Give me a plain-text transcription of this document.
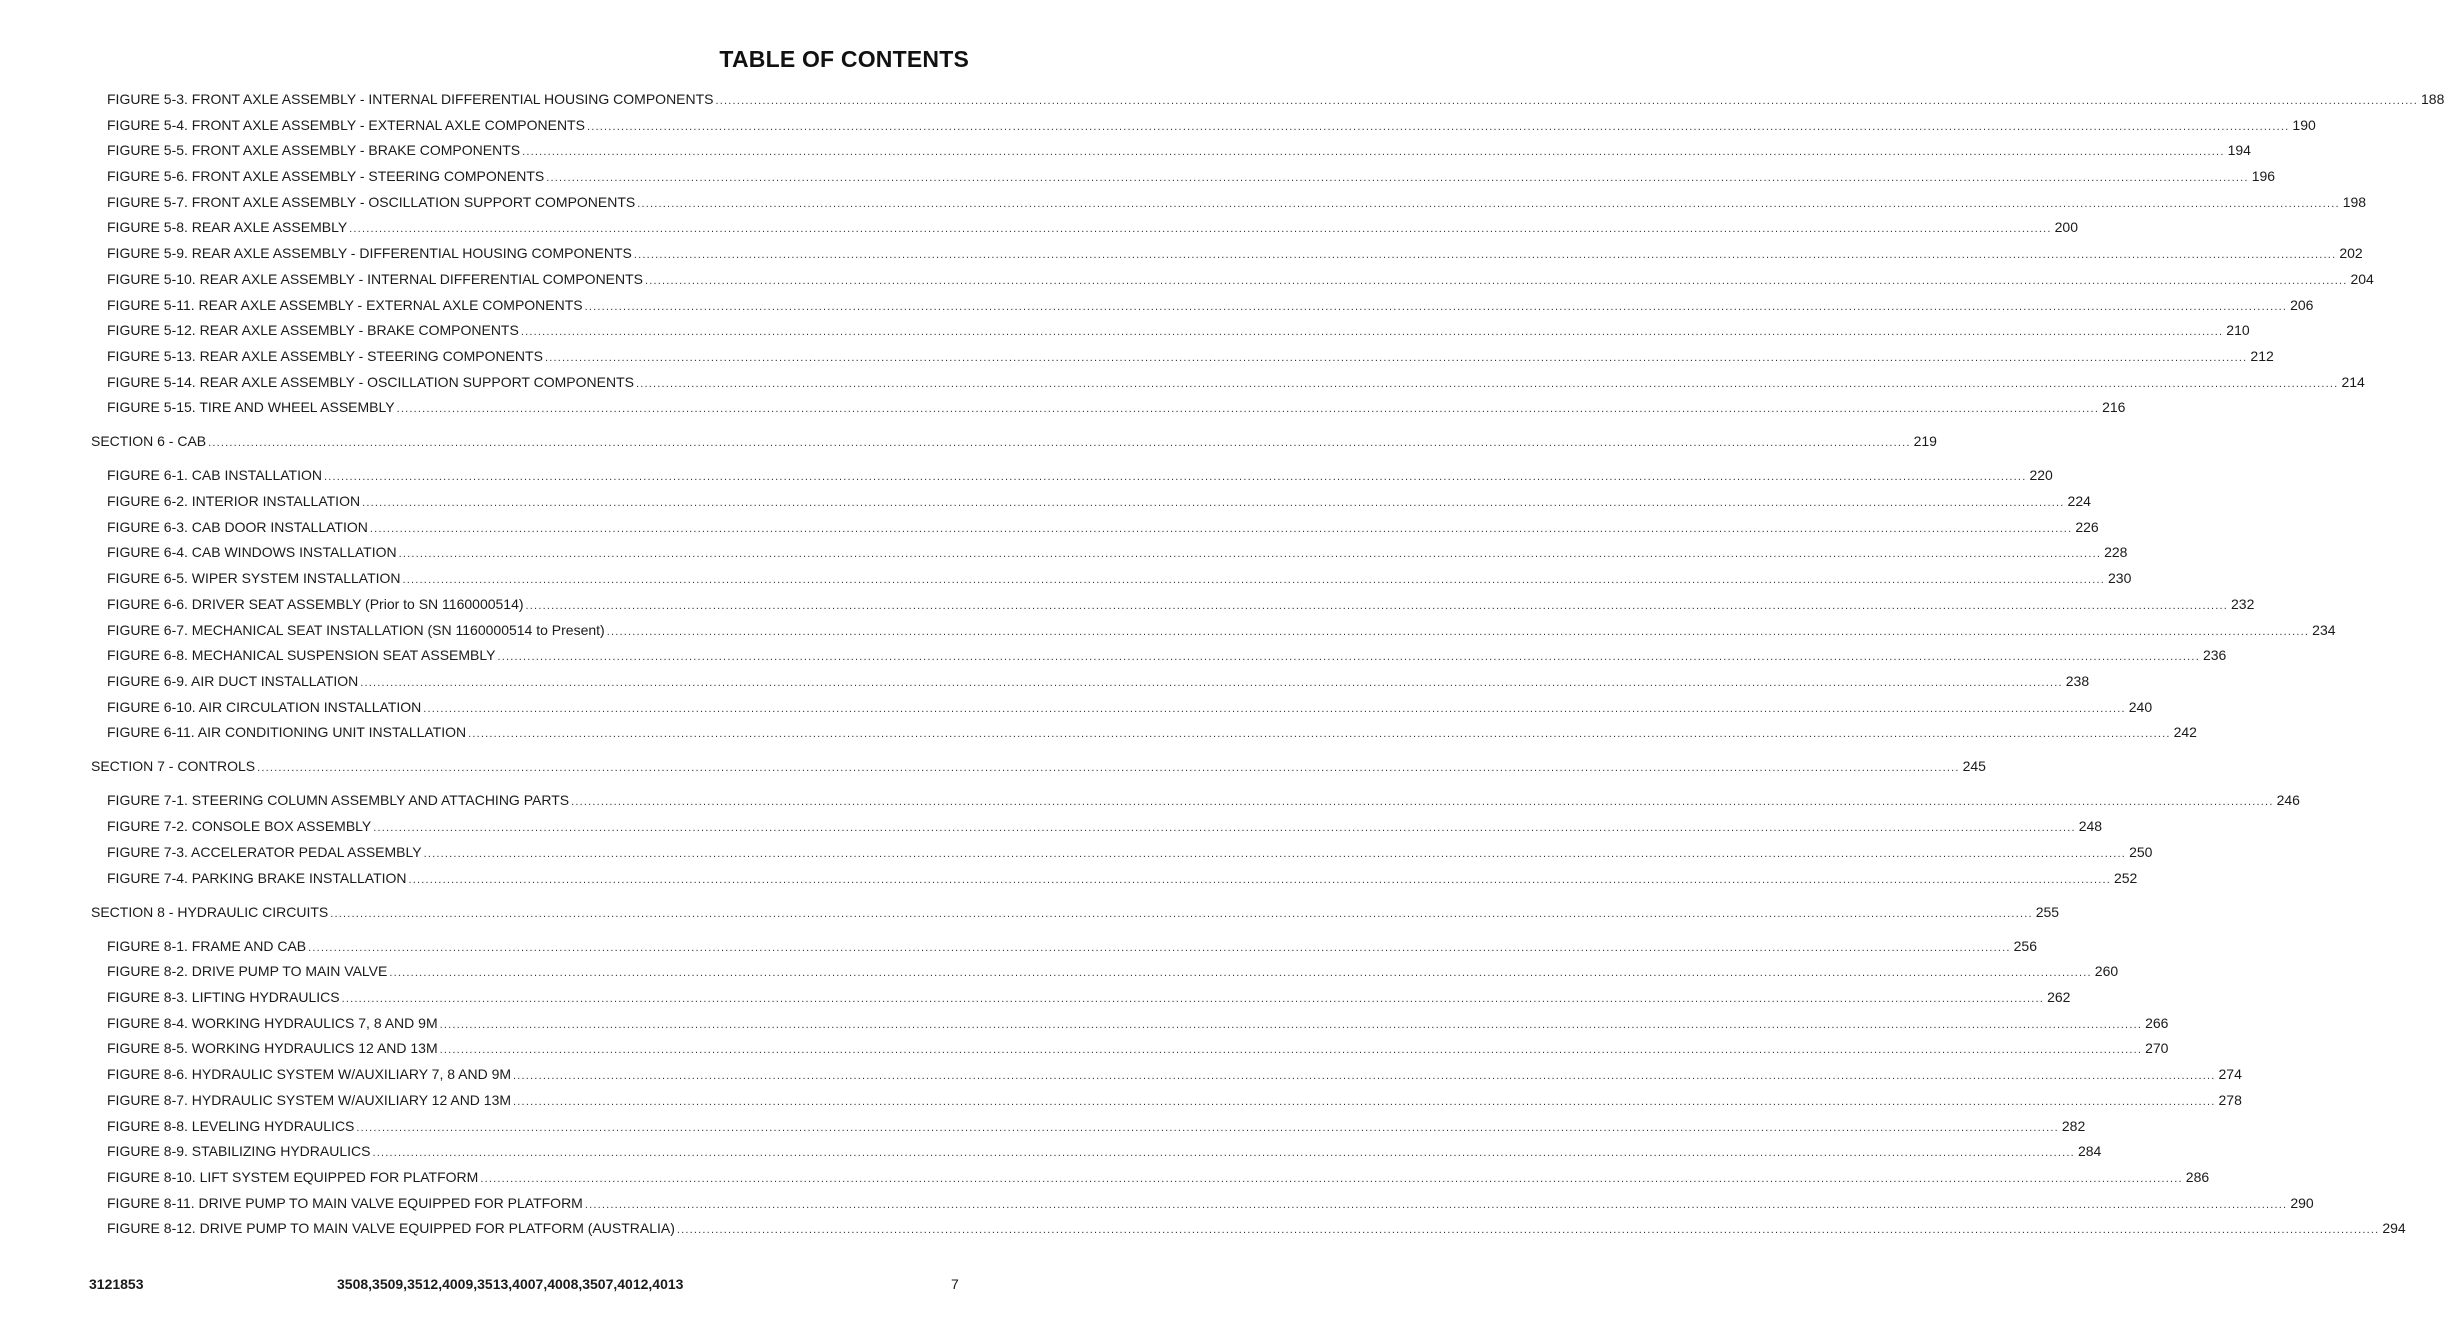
TABLE OF CONTENTS
FIGURE 5-3. FRONT AXLE ASSEMBLY - INTERNAL DIFFERENTIAL HOUSING COMPONENTS ................................................................................................................................................................................................................................................................................................................................................................................................................ 188
FIGURE 5-4. FRONT AXLE ASSEMBLY - EXTERNAL AXLE COMPONENTS ................................................................................................................................................................................................................................................................................................................................................................................................................ 190
FIGURE 5-5. FRONT AXLE ASSEMBLY - BRAKE COMPONENTS ................................................................................................................................................................................................................................................................................................................................................................................................................ 194
FIGURE 5-6. FRONT AXLE ASSEMBLY - STEERING COMPONENTS ................................................................................................................................................................................................................................................................................................................................................................................................................ 196
FIGURE 5-7. FRONT AXLE ASSEMBLY - OSCILLATION SUPPORT COMPONENTS ................................................................................................................................................................................................................................................................................................................................................................................................................ 198
FIGURE 5-8. REAR AXLE ASSEMBLY ................................................................................................................................................................................................................................................................................................................................................................................................................ 200
FIGURE 5-9. REAR AXLE ASSEMBLY - DIFFERENTIAL HOUSING COMPONENTS ................................................................................................................................................................................................................................................................................................................................................................................................................ 202
FIGURE 5-10. REAR AXLE ASSEMBLY - INTERNAL DIFFERENTIAL COMPONENTS ................................................................................................................................................................................................................................................................................................................................................................................................................ 204
FIGURE 5-11. REAR AXLE ASSEMBLY - EXTERNAL AXLE COMPONENTS ................................................................................................................................................................................................................................................................................................................................................................................................................ 206
FIGURE 5-12. REAR AXLE ASSEMBLY - BRAKE COMPONENTS ................................................................................................................................................................................................................................................................................................................................................................................................................ 210
FIGURE 5-13. REAR AXLE ASSEMBLY - STEERING COMPONENTS ................................................................................................................................................................................................................................................................................................................................................................................................................ 212
FIGURE 5-14. REAR AXLE ASSEMBLY - OSCILLATION SUPPORT COMPONENTS ................................................................................................................................................................................................................................................................................................................................................................................................................ 214
FIGURE 5-15. TIRE AND WHEEL ASSEMBLY ................................................................................................................................................................................................................................................................................................................................................................................................................ 216
SECTION 6 - CAB ................................................................................................................................................................................................................................................................................................................................................................................................................ 219
FIGURE 6-1. CAB INSTALLATION ................................................................................................................................................................................................................................................................................................................................................................................................................ 220
FIGURE 6-2. INTERIOR INSTALLATION ................................................................................................................................................................................................................................................................................................................................................................................................................ 224
FIGURE 6-3. CAB DOOR INSTALLATION ................................................................................................................................................................................................................................................................................................................................................................................................................ 226
FIGURE 6-4. CAB WINDOWS INSTALLATION ................................................................................................................................................................................................................................................................................................................................................................................................................ 228
FIGURE 6-5. WIPER SYSTEM INSTALLATION ................................................................................................................................................................................................................................................................................................................................................................................................................ 230
FIGURE 6-6. DRIVER SEAT ASSEMBLY (Prior to SN 1160000514) ................................................................................................................................................................................................................................................................................................................................................................................................................ 232
FIGURE 6-7. MECHANICAL SEAT INSTALLATION (SN 1160000514 to Present) ................................................................................................................................................................................................................................................................................................................................................................................................................ 234
FIGURE 6-8. MECHANICAL SUSPENSION SEAT ASSEMBLY ................................................................................................................................................................................................................................................................................................................................................................................................................ 236
FIGURE 6-9. AIR DUCT INSTALLATION ................................................................................................................................................................................................................................................................................................................................................................................................................ 238
FIGURE 6-10. AIR CIRCULATION INSTALLATION ................................................................................................................................................................................................................................................................................................................................................................................................................ 240
FIGURE 6-11. AIR CONDITIONING UNIT INSTALLATION ................................................................................................................................................................................................................................................................................................................................................................................................................ 242
SECTION 7 - CONTROLS ................................................................................................................................................................................................................................................................................................................................................................................................................ 245
FIGURE 7-1. STEERING COLUMN ASSEMBLY AND ATTACHING PARTS ................................................................................................................................................................................................................................................................................................................................................................................................................ 246
FIGURE 7-2. CONSOLE BOX ASSEMBLY ................................................................................................................................................................................................................................................................................................................................................................................................................ 248
FIGURE 7-3. ACCELERATOR PEDAL ASSEMBLY ................................................................................................................................................................................................................................................................................................................................................................................................................ 250
FIGURE 7-4. PARKING BRAKE INSTALLATION ................................................................................................................................................................................................................................................................................................................................................................................................................ 252
SECTION 8 - HYDRAULIC CIRCUITS ................................................................................................................................................................................................................................................................................................................................................................................................................ 255
FIGURE 8-1. FRAME AND CAB ................................................................................................................................................................................................................................................................................................................................................................................................................ 256
FIGURE 8-2. DRIVE PUMP TO MAIN VALVE ................................................................................................................................................................................................................................................................................................................................................................................................................ 260
FIGURE 8-3. LIFTING HYDRAULICS ................................................................................................................................................................................................................................................................................................................................................................................................................ 262
FIGURE 8-4. WORKING HYDRAULICS 7, 8 AND 9M ................................................................................................................................................................................................................................................................................................................................................................................................................ 266
FIGURE 8-5. WORKING HYDRAULICS 12 AND 13M ................................................................................................................................................................................................................................................................................................................................................................................................................ 270
FIGURE 8-6. HYDRAULIC SYSTEM W/AUXILIARY 7, 8 AND 9M ................................................................................................................................................................................................................................................................................................................................................................................................................ 274
FIGURE 8-7. HYDRAULIC SYSTEM W/AUXILIARY 12 AND 13M ................................................................................................................................................................................................................................................................................................................................................................................................................ 278
FIGURE 8-8. LEVELING HYDRAULICS ................................................................................................................................................................................................................................................................................................................................................................................................................ 282
FIGURE 8-9. STABILIZING HYDRAULICS ................................................................................................................................................................................................................................................................................................................................................................................................................ 284
FIGURE 8-10. LIFT SYSTEM EQUIPPED FOR PLATFORM ................................................................................................................................................................................................................................................................................................................................................................................................................ 286
FIGURE 8-11. DRIVE PUMP TO MAIN VALVE EQUIPPED FOR PLATFORM ................................................................................................................................................................................................................................................................................................................................................................................................................ 290
FIGURE 8-12. DRIVE PUMP TO MAIN VALVE EQUIPPED FOR PLATFORM (AUSTRALIA) ................................................................................................................................................................................................................................................................................................................................................................................................................ 294
3121853	3508,3509,3512,4009,3513,4007,4008,3507,4012,4013	7
